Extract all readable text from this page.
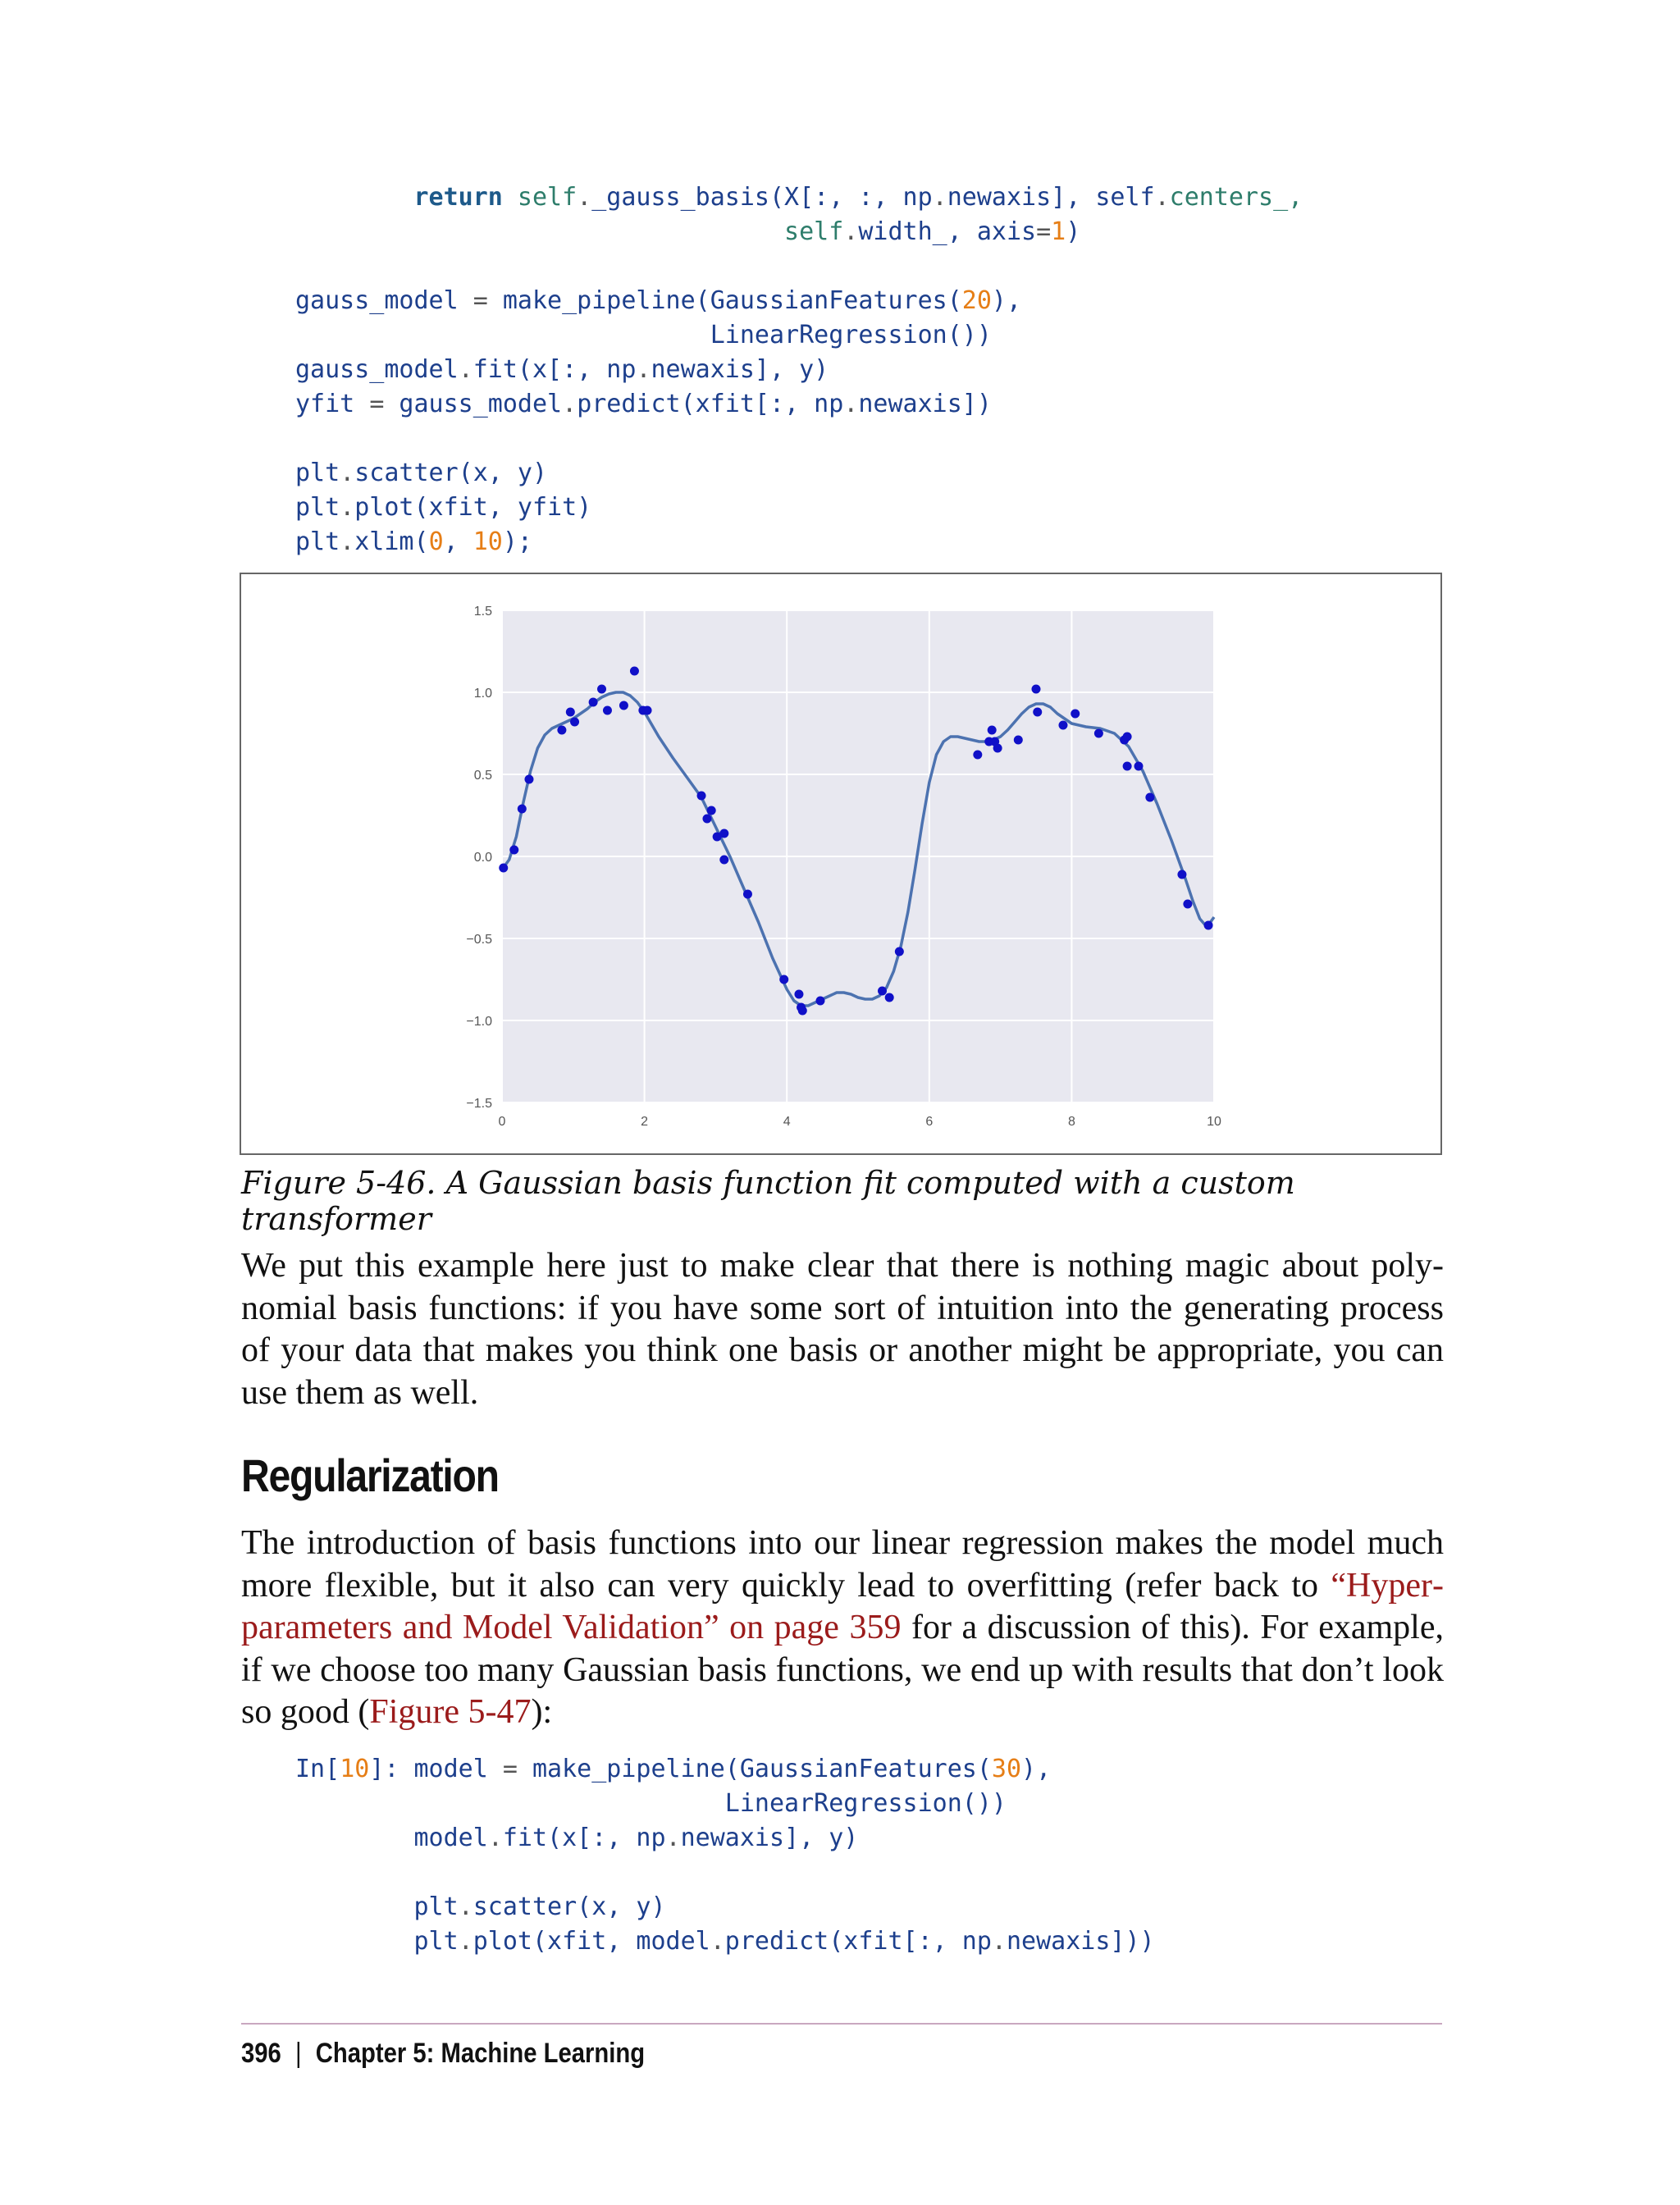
return self._gauss_basis(X[:, :, np.newaxis], self.centers_,
self.width_, axis=1)
gauss_model = make_pipeline(GaussianFeatures(20),
LinearRegression())
gauss_model.fit(x[:, np.newaxis], y)
yfit = gauss_model.predict(xfit[:, np.newaxis])
plt.scatter(x, y)
plt.plot(xfit, yfit)
plt.xlim(0, 10);
0	2	4	6	8	10
1.5
1.0
0.5
0.0
−0.5
−1.0
−1.5

Figure 5-46. A Gaussian basis function fit computed with a custom transformer

We put this example here just to make clear that there is nothing magic about polynomial basis functions: if you have some sort of intuition into the generating process of your data that makes you think one basis or another might be appropriate, you can use them as well.

Regularization

The introduction of basis functions into our linear regression makes the model much more flexible, but it also can very quickly lead to overfitting (refer back to “Hyperparameters and Model Validation” on page 359 for a discussion of this). For example, if we choose too many Gaussian basis functions, we end up with results that don’t look so good (Figure 5-47):

In[10]: model = make_pipeline(GaussianFeatures(30),
LinearRegression())
model.fit(x[:, np.newaxis], y)
plt.scatter(x, y)
plt.plot(xfit, model.predict(xfit[:, np.newaxis]))
396 | Chapter 5: Machine Learning
